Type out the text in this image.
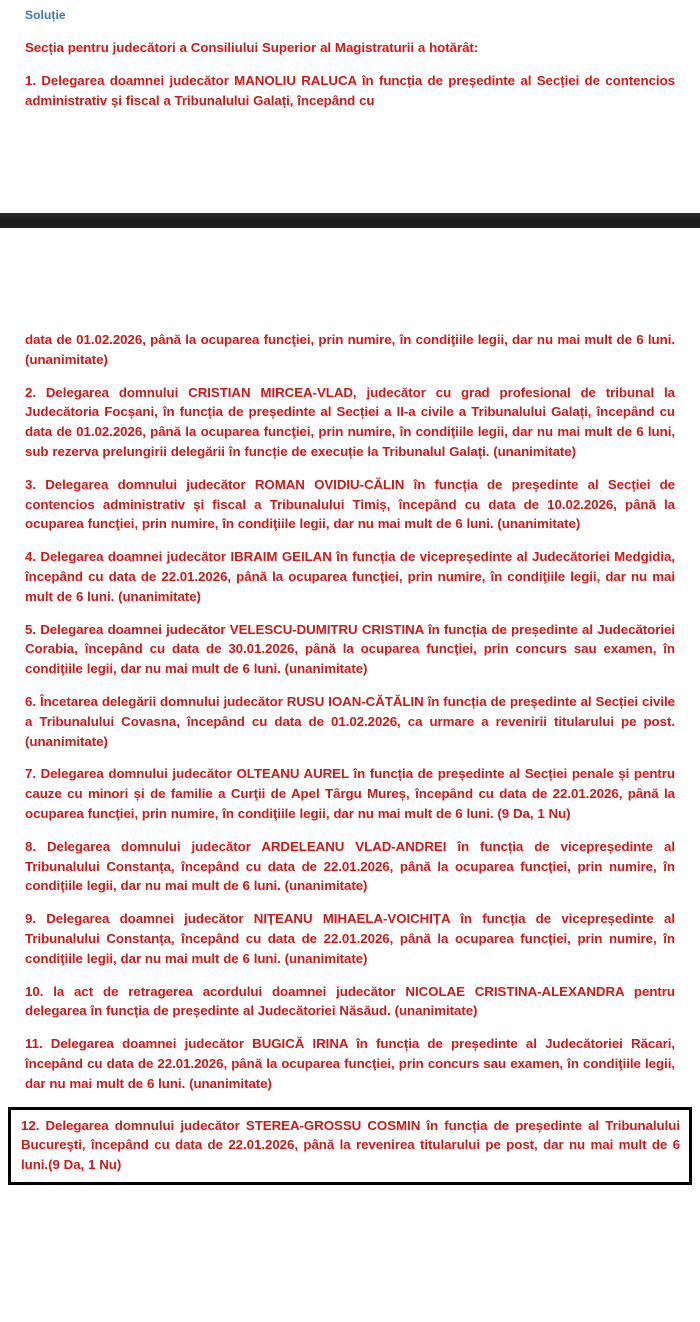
Soluție

Secția pentru judecători a Consiliului Superior al Magistraturii a hotărât:

1. Delegarea doamnei judecător MANOLIU RALUCA în funcția de președinte al Secției de contencios administrativ și fiscal a Tribunalului Galați, începând cu

data de 01.02.2026, până la ocuparea funcţiei, prin numire, în condiţiile legii, dar nu mai mult de 6 luni. (unanimitate)

2. Delegarea domnului CRISTIAN MIRCEA-VLAD, judecător cu grad profesional de tribunal la Judecătoria Focșani, în funcția de președinte al Secției a II-a civile a Tribunalului Galați, începând cu data de 01.02.2026, până la ocuparea funcţiei, prin numire, în condiţiile legii, dar nu mai mult de 6 luni, sub rezerva prelungirii delegării în funcție de execuție la Tribunalul Galați. (unanimitate)

3. Delegarea domnului judecător ROMAN OVIDIU-CĂLIN în funcția de președinte al Secției de contencios administrativ și fiscal a Tribunalului Timiș, începând cu data de 10.02.2026, până la ocuparea funcţiei, prin numire, în condiţiile legii, dar nu mai mult de 6 luni. (unanimitate)

4. Delegarea doamnei judecător IBRAIM GEILAN în funcția de vicepreședinte al Judecătoriei Medgidia, începând cu data de 22.01.2026, până la ocuparea funcţiei, prin numire, în condiţiile legii, dar nu mai mult de 6 luni. (unanimitate)

5. Delegarea doamnei judecător VELESCU-DUMITRU CRISTINA în funcția de președinte al Judecătoriei Corabia, începând cu data de 30.01.2026, până la ocuparea funcţiei, prin concurs sau examen, în condiţiile legii, dar nu mai mult de 6 luni. (unanimitate)

6. Încetarea delegării domnului judecător RUSU IOAN-CĂTĂLIN în funcția de președinte al Secției civile a Tribunalului Covasna, începând cu data de 01.02.2026, ca urmare a revenirii titularului pe post. (unanimitate)

7. Delegarea domnului judecător OLTEANU AUREL în funcția de președinte al Secției penale și pentru cauze cu minori și de familie a Curţii de Apel Târgu Mureș, începând cu data de 22.01.2026, până la ocuparea funcţiei, prin numire, în condiţiile legii, dar nu mai mult de 6 luni. (9 Da, 1 Nu)

8. Delegarea domnului judecător ARDELEANU VLAD-ANDREI în funcția de vicepreședinte al Tribunalului Constanța, începând cu data de 22.01.2026, până la ocuparea funcţiei, prin numire, în condiţiile legii, dar nu mai mult de 6 luni. (unanimitate)

9. Delegarea doamnei judecător NIȚEANU MIHAELA-VOICHIȚA în funcția de vicepreședinte al Tribunalului Constanța, începând cu data de 22.01.2026, până la ocuparea funcţiei, prin numire, în condiţiile legii, dar nu mai mult de 6 luni. (unanimitate)

10. la act de retragerea acordului doamnei judecător NICOLAE CRISTINA-ALEXANDRA pentru delegarea în funcția de președinte al Judecătoriei Năsăud. (unanimitate)

11. Delegarea doamnei judecător BUGICĂ IRINA în funcția de președinte al Judecătoriei Răcari, începând cu data de 22.01.2026, până la ocuparea funcţiei, prin concurs sau examen, în condiţiile legii, dar nu mai mult de 6 luni. (unanimitate)

12. Delegarea domnului judecător STEREA-GROSSU COSMIN în funcția de președinte al Tribunalului București, începând cu data de 22.01.2026, până la revenirea titularului pe post, dar nu mai mult de 6 luni.(9 Da, 1 Nu)
